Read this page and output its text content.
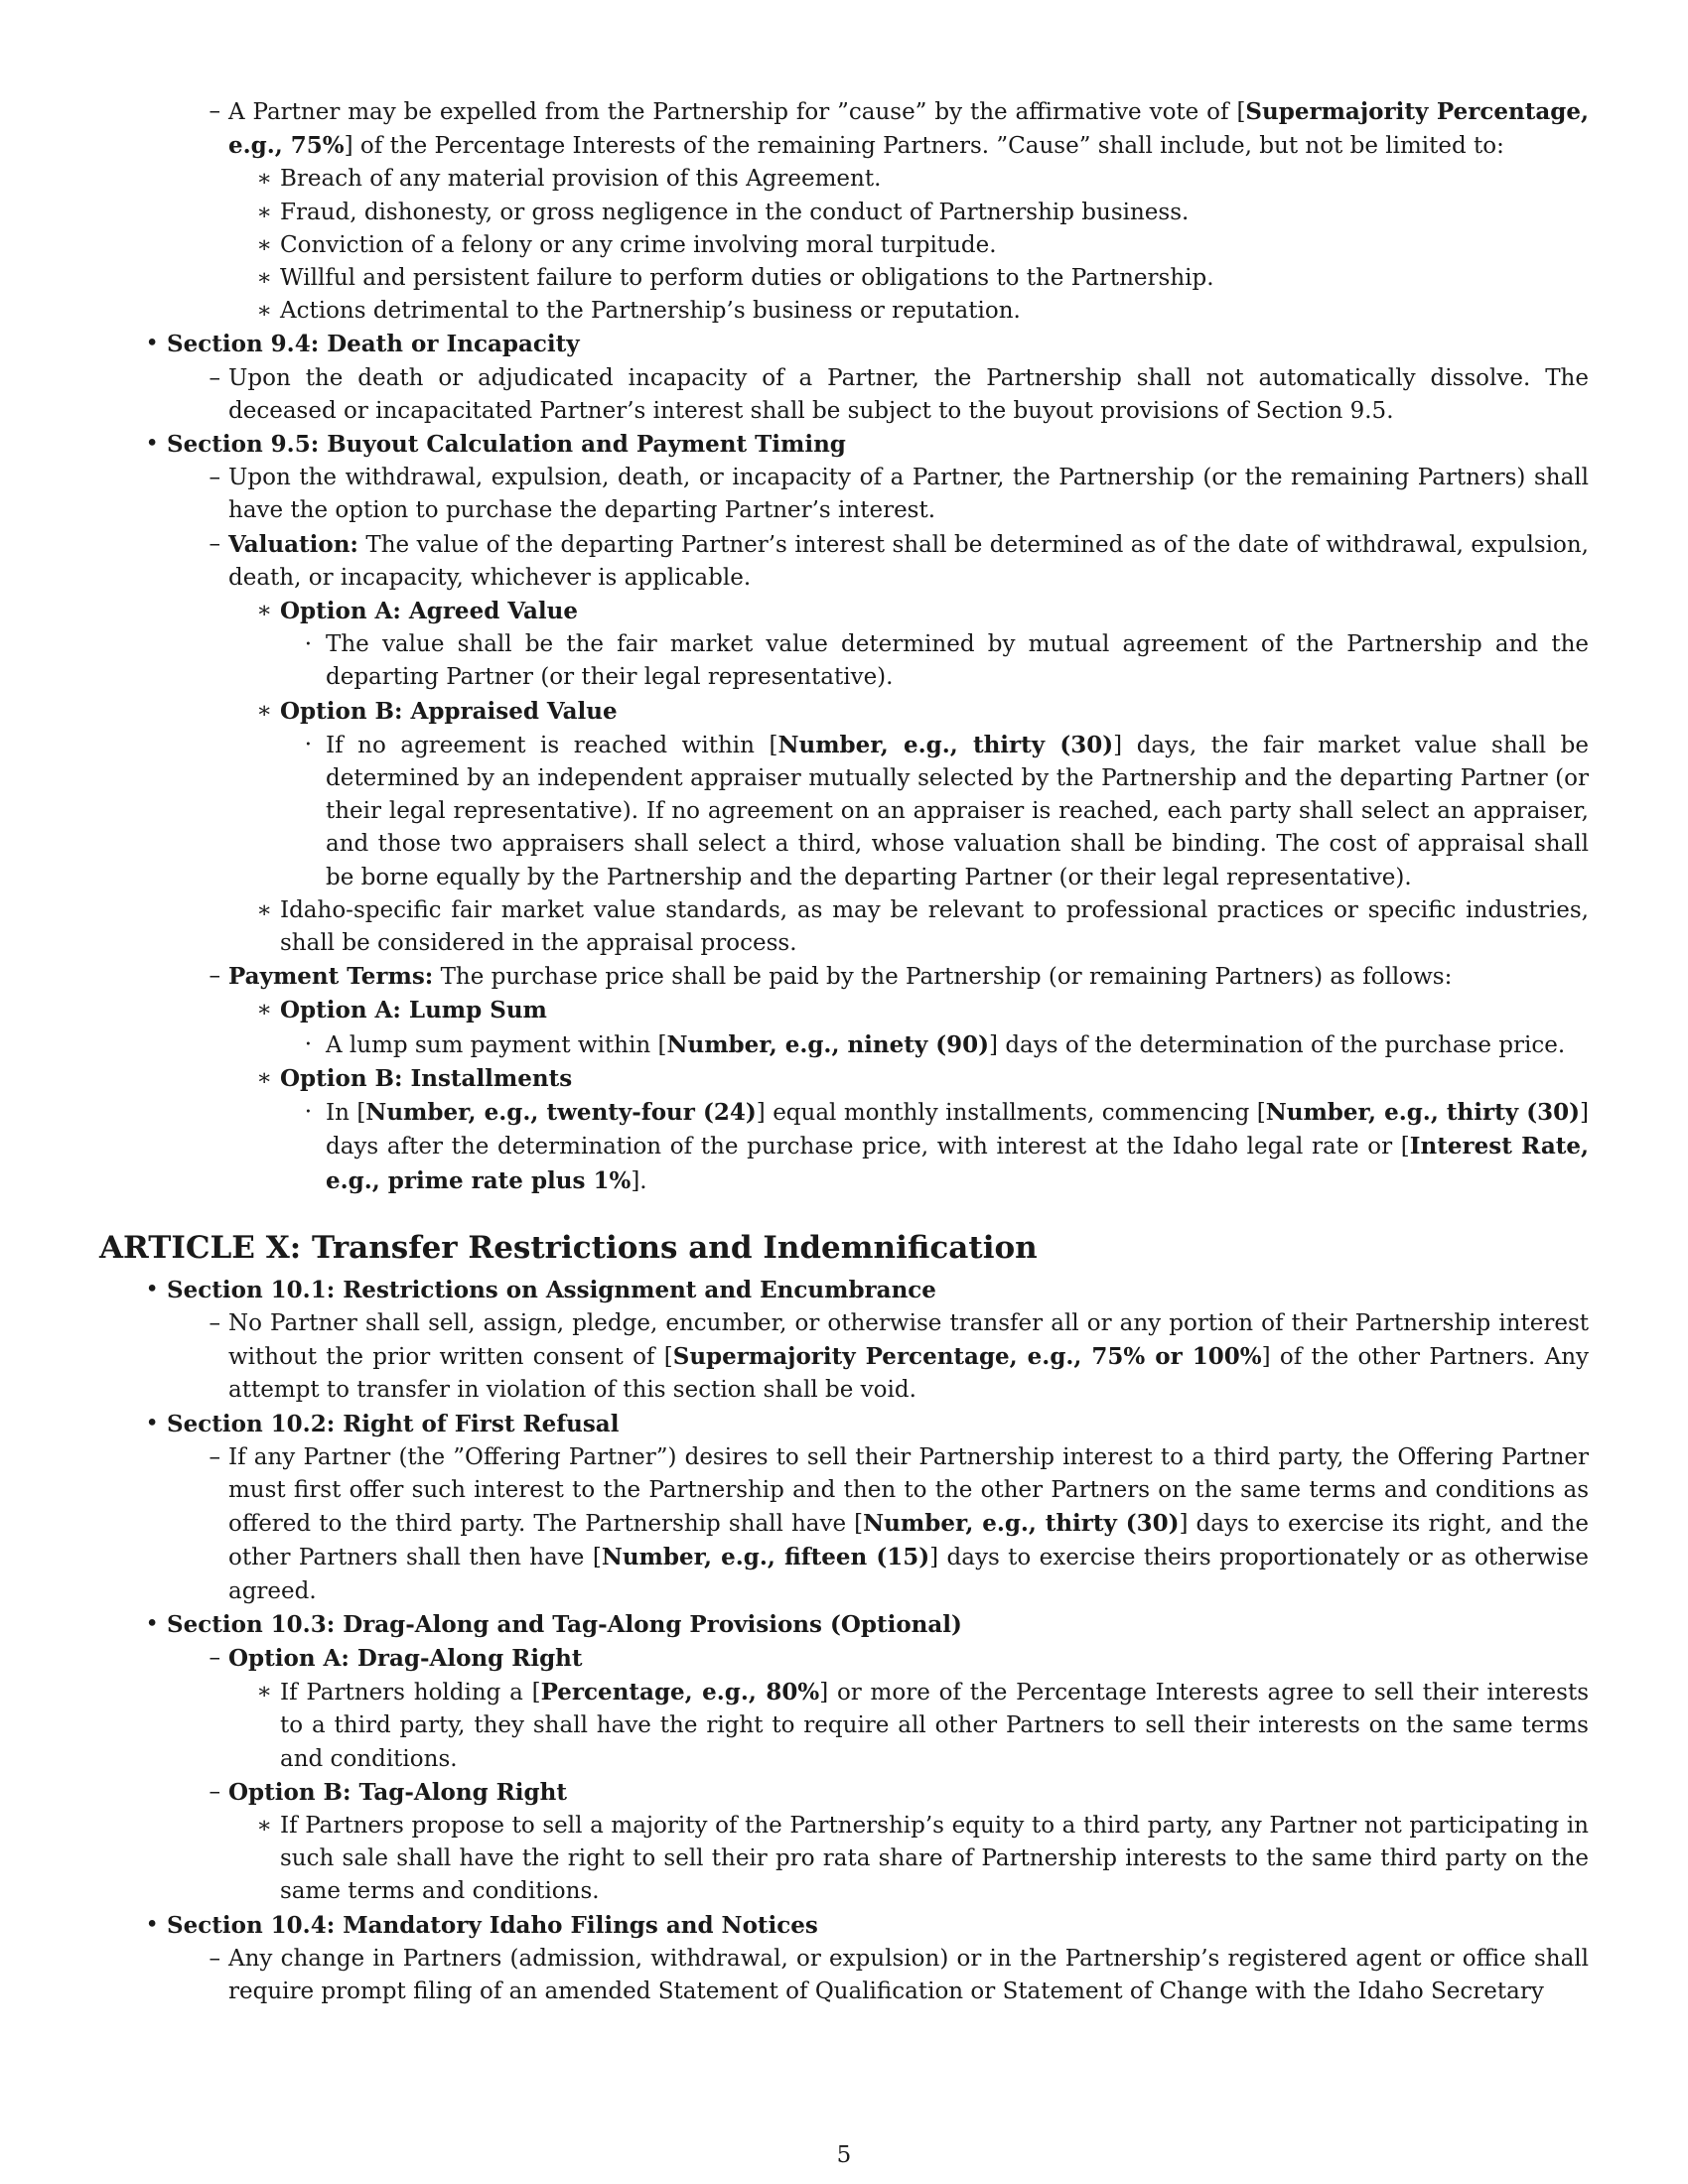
– A Partner may be expelled from the Partnership for ”cause” by the affirmative vote of [Supermajority Percentage, e.g., 75%] of the Percentage Interests of the remaining Partners. ”Cause” shall include, but not be limited to:
∗ Breach of any material provision of this Agreement.
∗ Fraud, dishonesty, or gross negligence in the conduct of Partnership business.
∗ Conviction of a felony or any crime involving moral turpitude.
∗ Willful and persistent failure to perform duties or obligations to the Partnership.
∗ Actions detrimental to the Partnership’s business or reputation.
• Section 9.4: Death or Incapacity
– Upon the death or adjudicated incapacity of a Partner, the Partnership shall not automatically dissolve. The deceased or incapacitated Partner’s interest shall be subject to the buyout provisions of Section 9.5.
• Section 9.5: Buyout Calculation and Payment Timing
– Upon the withdrawal, expulsion, death, or incapacity of a Partner, the Partnership (or the remaining Partners) shall have the option to purchase the departing Partner’s interest.
– Valuation: The value of the departing Partner’s interest shall be determined as of the date of withdrawal, expulsion, death, or incapacity, whichever is applicable.
∗ Option A: Agreed Value
· The value shall be the fair market value determined by mutual agreement of the Partnership and the departing Partner (or their legal representative).
∗ Option B: Appraised Value
· If no agreement is reached within [Number, e.g., thirty (30)] days, the fair market value shall be determined by an independent appraiser mutually selected by the Partnership and the departing Partner (or their legal representative). If no agreement on an appraiser is reached, each party shall select an appraiser, and those two appraisers shall select a third, whose valuation shall be binding. The cost of appraisal shall be borne equally by the Partnership and the departing Partner (or their legal representative).
∗ Idaho-specific fair market value standards, as may be relevant to professional practices or specific industries, shall be considered in the appraisal process.
– Payment Terms: The purchase price shall be paid by the Partnership (or remaining Partners) as follows:
∗ Option A: Lump Sum
· A lump sum payment within [Number, e.g., ninety (90)] days of the determination of the purchase price.
∗ Option B: Installments
· In [Number, e.g., twenty-four (24)] equal monthly installments, commencing [Number, e.g., thirty (30)] days after the determination of the purchase price, with interest at the Idaho legal rate or [Interest Rate, e.g., prime rate plus 1%].
ARTICLE X: Transfer Restrictions and Indemnification
• Section 10.1: Restrictions on Assignment and Encumbrance
– No Partner shall sell, assign, pledge, encumber, or otherwise transfer all or any portion of their Partnership interest without the prior written consent of [Supermajority Percentage, e.g., 75% or 100%] of the other Partners. Any attempt to transfer in violation of this section shall be void.
• Section 10.2: Right of First Refusal
– If any Partner (the ”Offering Partner”) desires to sell their Partnership interest to a third party, the Offering Partner must first offer such interest to the Partnership and then to the other Partners on the same terms and conditions as offered to the third party. The Partnership shall have [Number, e.g., thirty (30)] days to exercise its right, and the other Partners shall then have [Number, e.g., fifteen (15)] days to exercise theirs proportionately or as otherwise agreed.
• Section 10.3: Drag-Along and Tag-Along Provisions (Optional)
– Option A: Drag-Along Right
∗ If Partners holding a [Percentage, e.g., 80%] or more of the Percentage Interests agree to sell their interests to a third party, they shall have the right to require all other Partners to sell their interests on the same terms and conditions.
– Option B: Tag-Along Right
∗ If Partners propose to sell a majority of the Partnership’s equity to a third party, any Partner not participating in such sale shall have the right to sell their pro rata share of Partnership interests to the same third party on the same terms and conditions.
• Section 10.4: Mandatory Idaho Filings and Notices
– Any change in Partners (admission, withdrawal, or expulsion) or in the Partnership’s registered agent or office shall require prompt filing of an amended Statement of Qualification or Statement of Change with the Idaho Secretary
5
